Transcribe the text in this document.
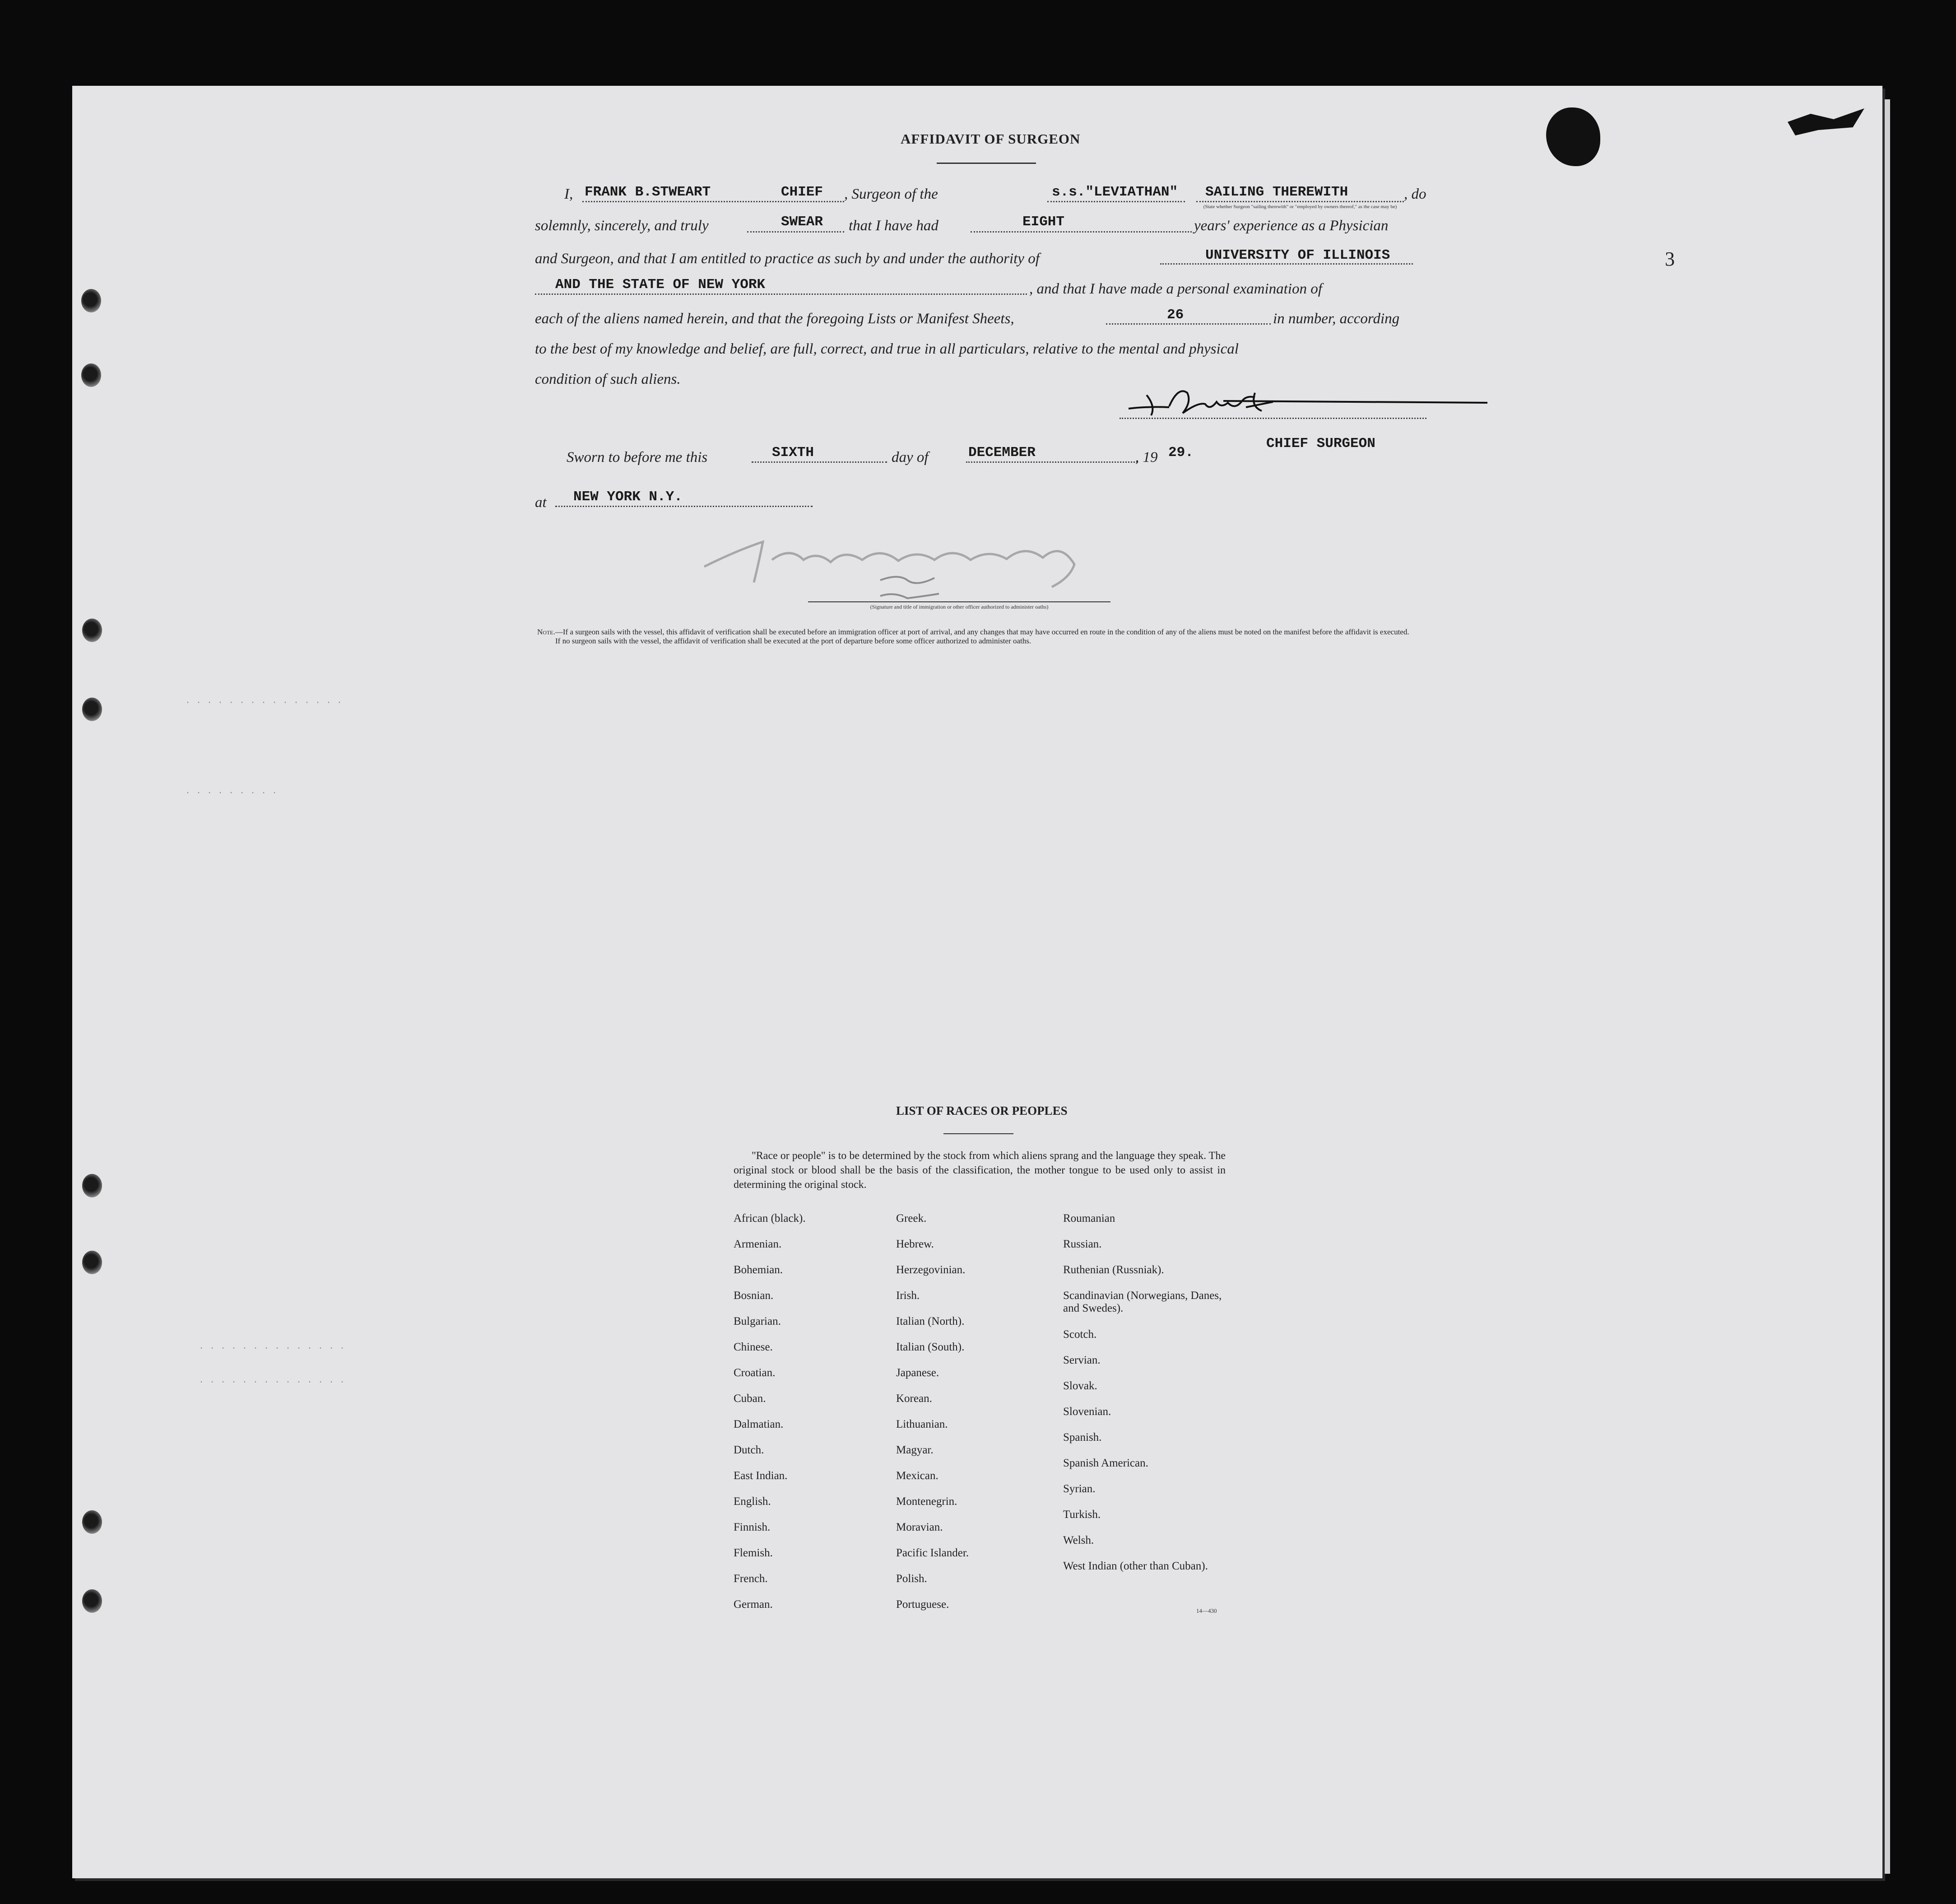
AFFIDAVIT OF SURGEON
3
I, FRANK B.STWEART	CHIEF , Surgeon of the	s.s."LEVIATHAN" SAILING THEREWITH
(State whether Surgeon "sailing therewith" or "employed by owners thereof," as the case may be)
, do
solemnly, sincerely, and truly	SWEAR that I have had	EIGHT	years' experience as a Physician
and Surgeon, and that I am entitled to practice as such by and under the authority of	UNIVERSITY OF ILLINOIS
AND THE STATE OF NEW YORK	, and that I have made a personal examination of
each of the aliens named herein, and that the foregoing Lists or Manifest Sheets,	26	in number, according
to the best of my knowledge and belief, are full, correct, and true in all particulars, relative to the mental and physical
condition of such aliens.
Sworn to before me this	SIXTH	day of	DECEMBER	, 19 29.
CHIEF SURGEON
at NEW YORK N.Y.
(Signature and title of immigration or other officer authorized to administer oaths)
Note.—If a surgeon sails with the vessel, this affidavit of verification shall be executed before an immigration officer at port of arrival, and any changes that may have occurred en route in the condition of any of the aliens must be noted on the manifest before the affidavit is executed.
If no surgeon sails with the vessel, the affidavit of verification shall be executed at the port of departure before some officer authorized to administer oaths.
· · · · · · · · · · · · · · ·
· · · · · · · · ·
· · · · · · · · · · · · · ·
· · · · · · · · · · · · · ·
LIST OF RACES OR PEOPLES
"Race or people" is to be determined by the stock from which aliens sprang and the language they speak. The original stock or blood shall be the basis of the classification, the mother tongue to be used only to assist in determining the original stock.
African (black).
Armenian.
Bohemian.
Bosnian.
Bulgarian.
Chinese.
Croatian.
Cuban.
Dalmatian.
Dutch.
East Indian.
English.
Finnish.
Flemish.
French.
German.
Greek.
Hebrew.
Herzegovinian.
Irish.
Italian (North).
Italian (South).
Japanese.
Korean.
Lithuanian.
Magyar.
Mexican.
Montenegrin.
Moravian.
Pacific Islander.
Polish.
Portuguese.
Roumanian
Russian.
Ruthenian (Russniak).
Scandinavian (Norwegians, Danes, and Swedes).
Scotch.
Servian.
Slovak.
Slovenian.
Spanish.
Spanish American.
Syrian.
Turkish.
Welsh.
West Indian (other than Cuban).
14—430
